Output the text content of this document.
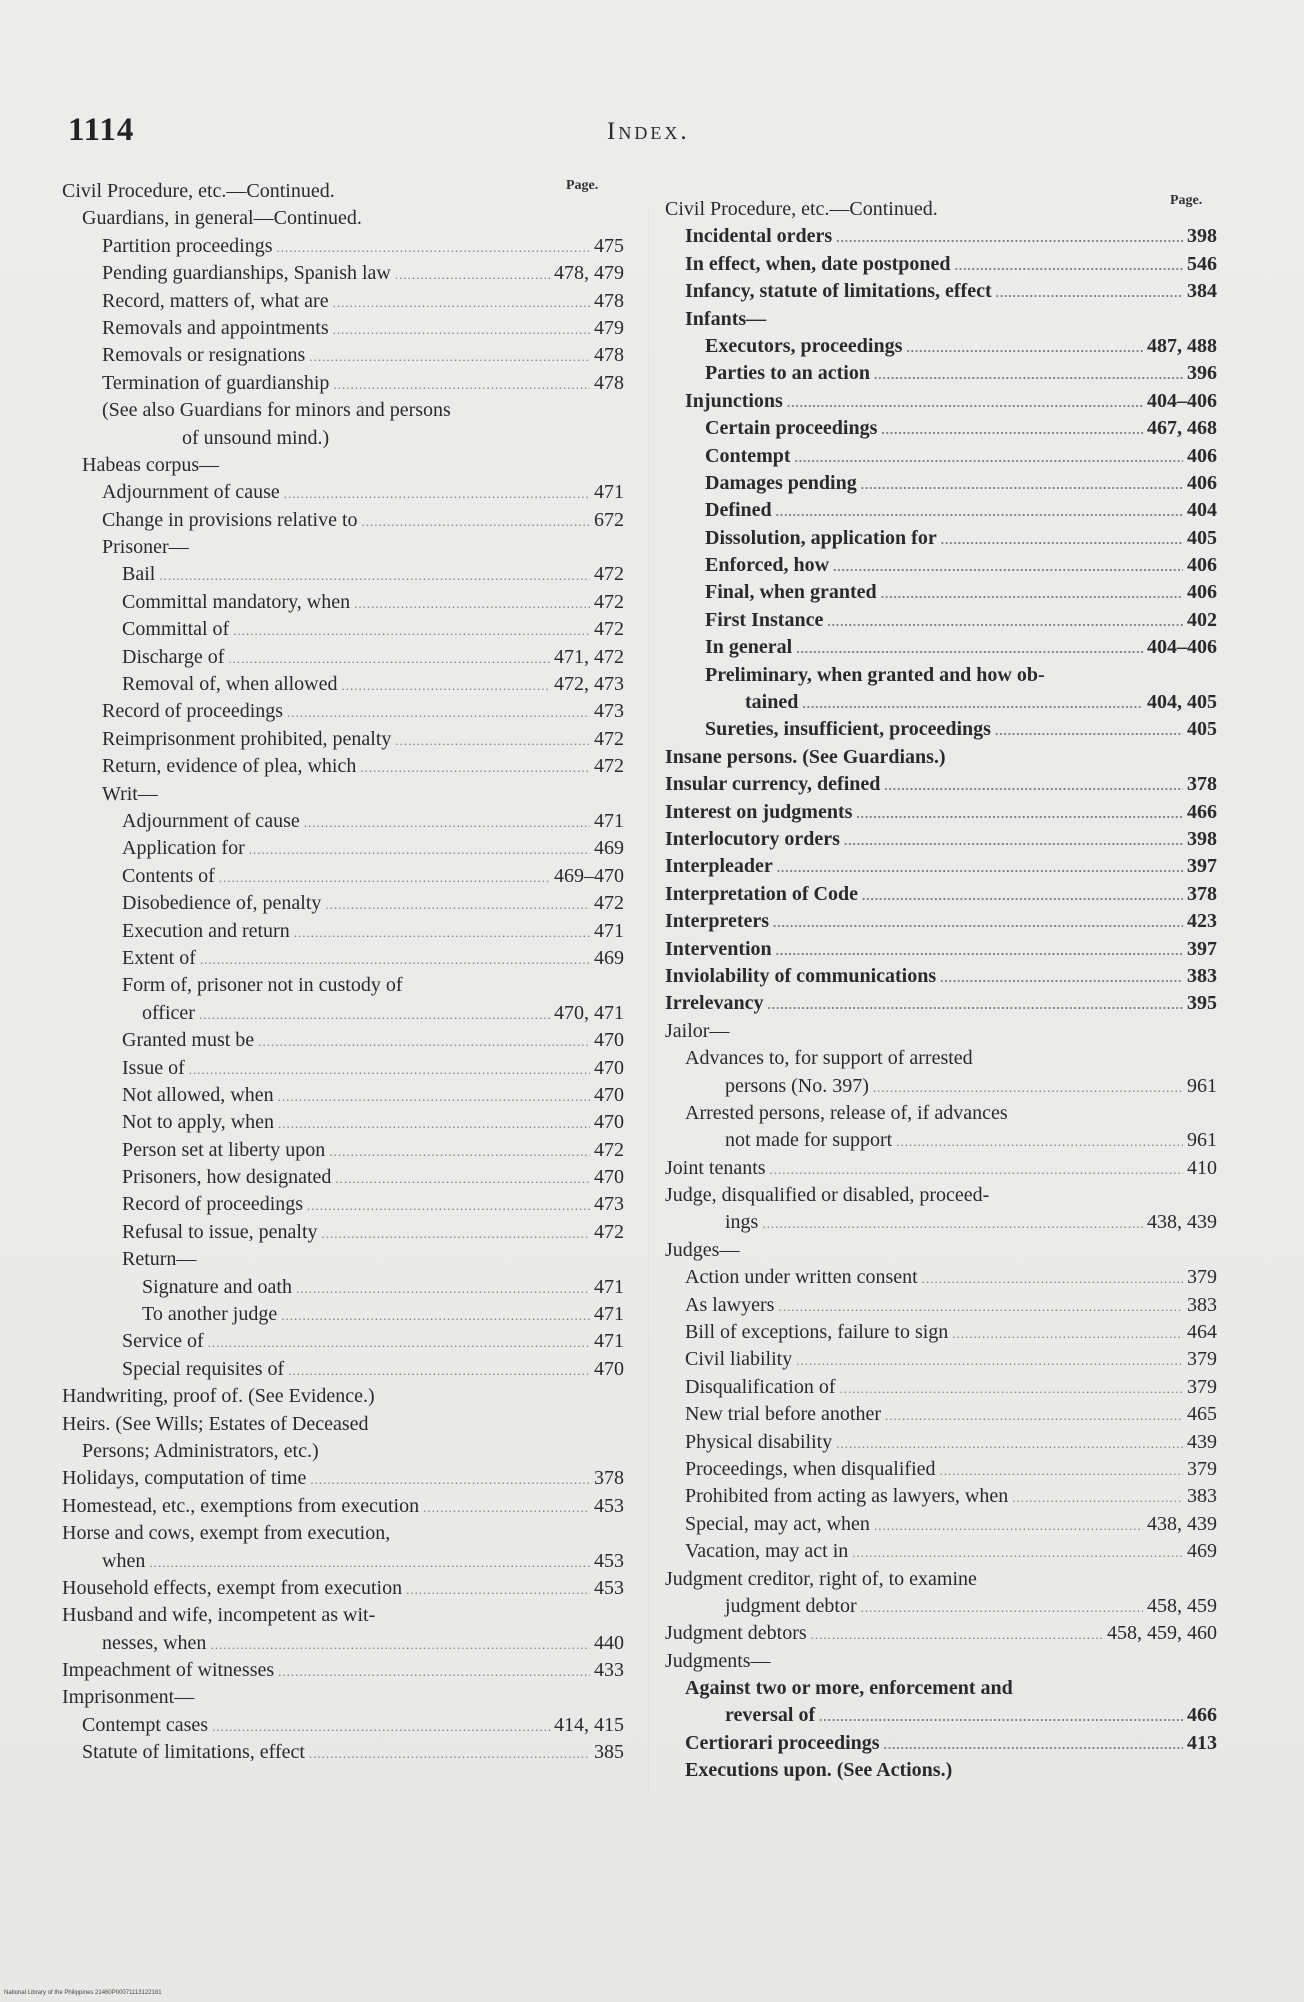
1114	Index.
Page.
Page.
Civil Procedure, etc.—Continued.
Guardians, in general—Continued.
Partition proceedings .....	475
Pending guardianships, Spanish law .....	478, 479
Record, matters of, what are .....	478
Removals and appointments .....	479
Removals or resignations .....	478
Termination of guardianship .....	478
(See also Guardians for minors and persons
of unsound mind.)
Habeas corpus—
Adjournment of cause .....	471
Change in provisions relative to .....	672
Prisoner—
Bail .....	472
Committal mandatory, when .....	472
Committal of .....	472
Discharge of .....	471, 472
Removal of, when allowed .....	472, 473
Record of proceedings .....	473
Reimprisonment prohibited, penalty .....	472
Return, evidence of plea, which .....	472
Writ—
Adjournment of cause .....	471
Application for .....	469
Contents of .....	469–470
Disobedience of, penalty .....	472
Execution and return .....	471
Extent of .....	469
Form of, prisoner not in custody of
officer .....	470, 471
Granted must be .....	470
Issue of .....	470
Not allowed, when .....	470
Not to apply, when .....	470
Person set at liberty upon .....	472
Prisoners, how designated .....	470
Record of proceedings .....	473
Refusal to issue, penalty .....	472
Return—
Signature and oath .....	471
To another judge .....	471
Service of .....	471
Special requisites of .....	470
Handwriting, proof of. (See Evidence.)
Heirs. (See Wills; Estates of Deceased
Persons; Administrators, etc.)
Holidays, computation of time .....	378
Homestead, etc., exemptions from execution .....	453
Horse and cows, exempt from execution,
when .....	453
Household effects, exempt from execution .....	453
Husband and wife, incompetent as wit-
nesses, when .....	440
Impeachment of witnesses .....	433
Imprisonment—
Contempt cases .....	414, 415
Statute of limitations, effect .....	385
Civil Procedure, etc.—Continued.
Incidental orders .....	398
In effect, when, date postponed .....	546
Infancy, statute of limitations, effect .....	384
Infants—
Executors, proceedings .....	487, 488
Parties to an action .....	396
Injunctions .....	404–406
Certain proceedings .....	467, 468
Contempt .....	406
Damages pending .....	406
Defined .....	404
Dissolution, application for .....	405
Enforced, how .....	406
Final, when granted .....	406
First Instance .....	402
In general .....	404–406
Preliminary, when granted and how ob-
tained .....	404, 405
Sureties, insufficient, proceedings .....	405
Insane persons. (See Guardians.)
Insular currency, defined .....	378
Interest on judgments .....	466
Interlocutory orders .....	398
Interpleader .....	397
Interpretation of Code .....	378
Interpreters .....	423
Intervention .....	397
Inviolability of communications .....	383
Irrelevancy .....	395
Jailor—
Advances to, for support of arrested
persons (No. 397) .....	961
Arrested persons, release of, if advances
not made for support .....	961
Joint tenants .....	410
Judge, disqualified or disabled, proceed-
ings .....	438, 439
Judges—
Action under written consent .....	379
As lawyers .....	383
Bill of exceptions, failure to sign .....	464
Civil liability .....	379
Disqualification of .....	379
New trial before another .....	465
Physical disability .....	439
Proceedings, when disqualified .....	379
Prohibited from acting as lawyers, when .....	383
Special, may act, when .....	438, 439
Vacation, may act in .....	469
Judgment creditor, right of, to examine
judgment debtor .....	458, 459
Judgment debtors .....	458, 459, 460
Judgments—
Against two or more, enforcement and
reversal of .....	466
Certiorari proceedings .....	413
Executions upon. (See Actions.)
National Library of the Philippines 21460P00071113122181
